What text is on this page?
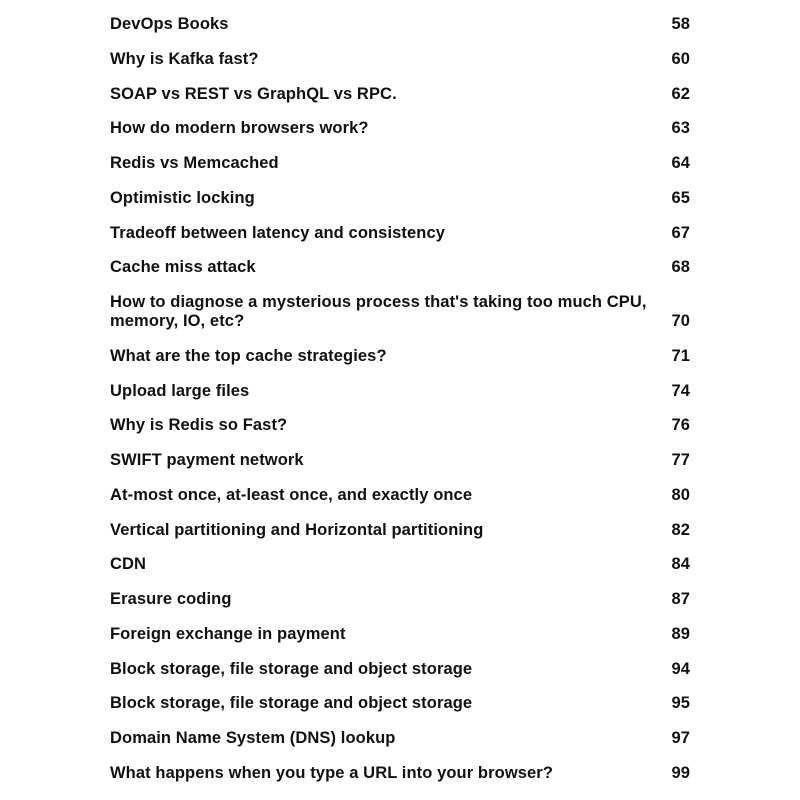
DevOps Books	58
Why is Kafka fast?	60
SOAP vs REST vs GraphQL vs RPC.	62
How do modern browsers work?	63
Redis vs Memcached	64
Optimistic locking	65
Tradeoff between latency and consistency	67
Cache miss attack	68
How to diagnose a mysterious process that's taking too much CPU,
memory, IO, etc?	70
What are the top cache strategies?	71
Upload large files	74
Why is Redis so Fast?	76
SWIFT payment network	77
At-most once, at-least once, and exactly once	80
Vertical partitioning and Horizontal partitioning	82
CDN	84
Erasure coding	87
Foreign exchange in payment	89
Block storage, file storage and object storage	94
Block storage, file storage and object storage	95
Domain Name System (DNS) lookup	97
What happens when you type a URL into your browser?	99
